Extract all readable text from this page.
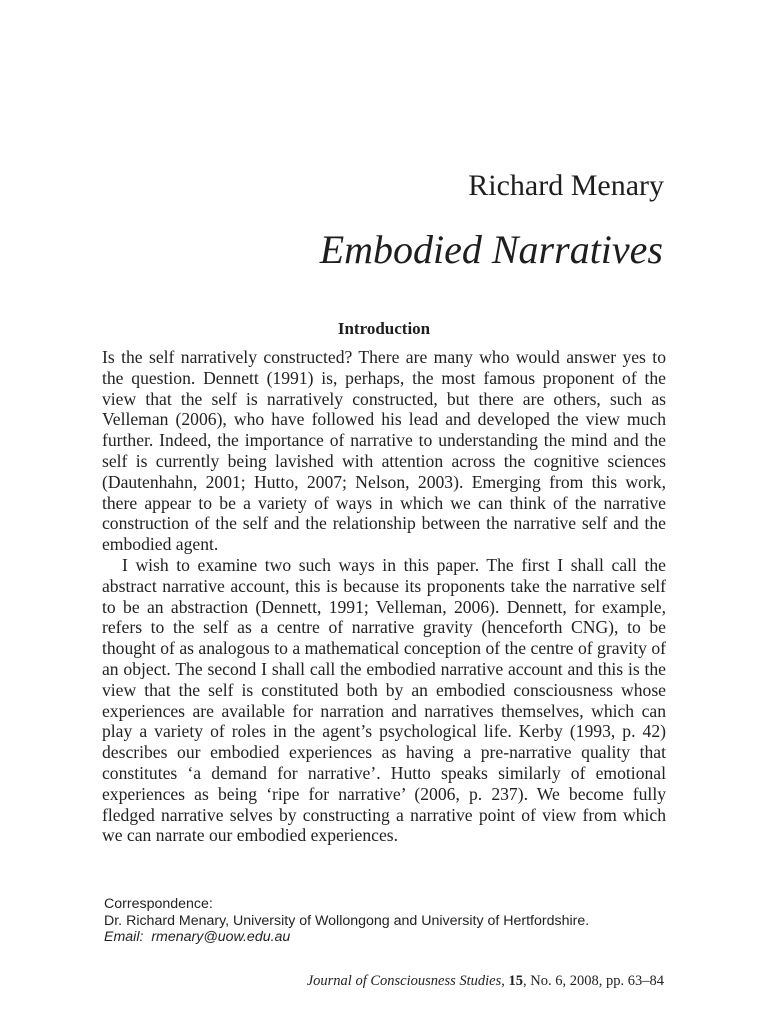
Richard Menary
Embodied Narratives
Introduction

Is the self narratively constructed? There are many who would answer yes to the question. Dennett (1991) is, perhaps, the most famous proponent of the view that the self is narratively constructed, but there are others, such as Velleman (2006), who have followed his lead and developed the view much further. Indeed, the importance of narrative to understanding the mind and the self is currently being lavished with attention across the cognitive sciences (Dautenhahn, 2001; Hutto, 2007; Nelson, 2003). Emerging from this work, there appear to be a variety of ways in which we can think of the narrative construction of the self and the relationship between the narrative self and the embodied agent.

I wish to examine two such ways in this paper. The first I shall call the abstract narrative account, this is because its proponents take the narrative self to be an abstraction (Dennett, 1991; Velleman, 2006). Dennett, for example, refers to the self as a centre of narrative gravity (henceforth CNG), to be thought of as analogous to a mathematical conception of the centre of gravity of an object. The second I shall call the embodied narrative account and this is the view that the self is constituted both by an embodied consciousness whose experiences are available for narration and narratives themselves, which can play a variety of roles in the agent’s psychological life. Kerby (1993, p. 42) describes our embodied experiences as having a pre-narrative quality that constitutes ‘a demand for narrative’. Hutto speaks similarly of emotional experiences as being ‘ripe for narrative’ (2006, p. 237). We become fully fledged narrative selves by constructing a narrative point of view from which we can narrate our embodied experiences.

Correspondence:
Dr. Richard Menary, University of Wollongong and University of Hertfordshire.
Email: rmenary@uow.edu.au
Journal of Consciousness Studies, 15, No. 6, 2008, pp. 63–84
